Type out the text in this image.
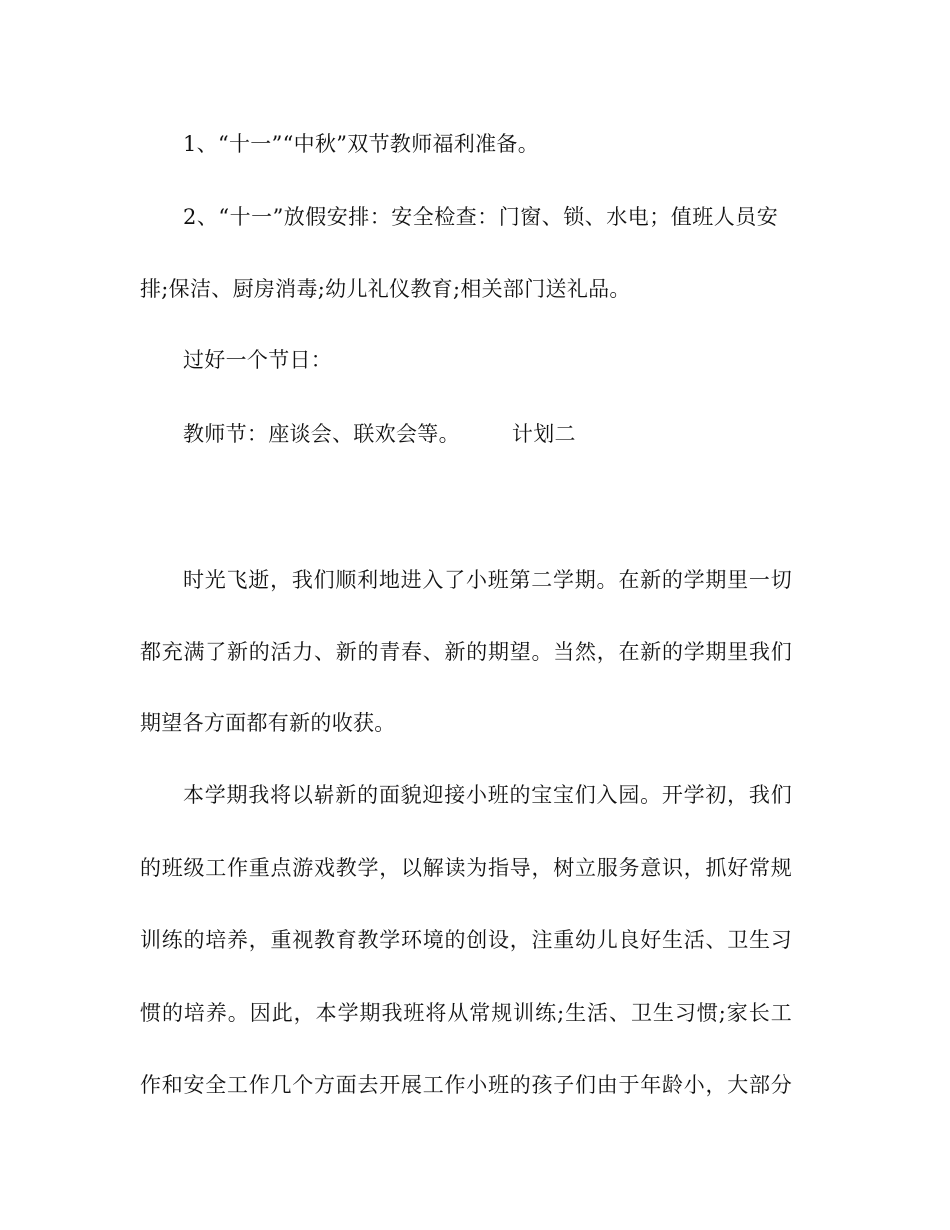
1、“十一”“中秋”双节教师福利准备。
2、“十一”放假安排：安全检查：门窗、锁、水电；值班人员安
排;保洁、厨房消毒;幼儿礼仪教育;相关部门送礼品。
过好一个节日：
教师节：座谈会、联欢会等。 计划二
时光飞逝，我们顺利地进入了小班第二学期。在新的学期里一切
都充满了新的活力、新的青春、新的期望。当然，在新的学期里我们
期望各方面都有新的收获。
本学期我将以崭新的面貌迎接小班的宝宝们入园。开学初，我们
的班级工作重点游戏教学，以解读为指导，树立服务意识，抓好常规
训练的培养，重视教育教学环境的创设，注重幼儿良好生活、卫生习
惯的培养。因此，本学期我班将从常规训练;生活、卫生习惯;家长工
作和安全工作几个方面去开展工作小班的孩子们由于年龄小，大部分
